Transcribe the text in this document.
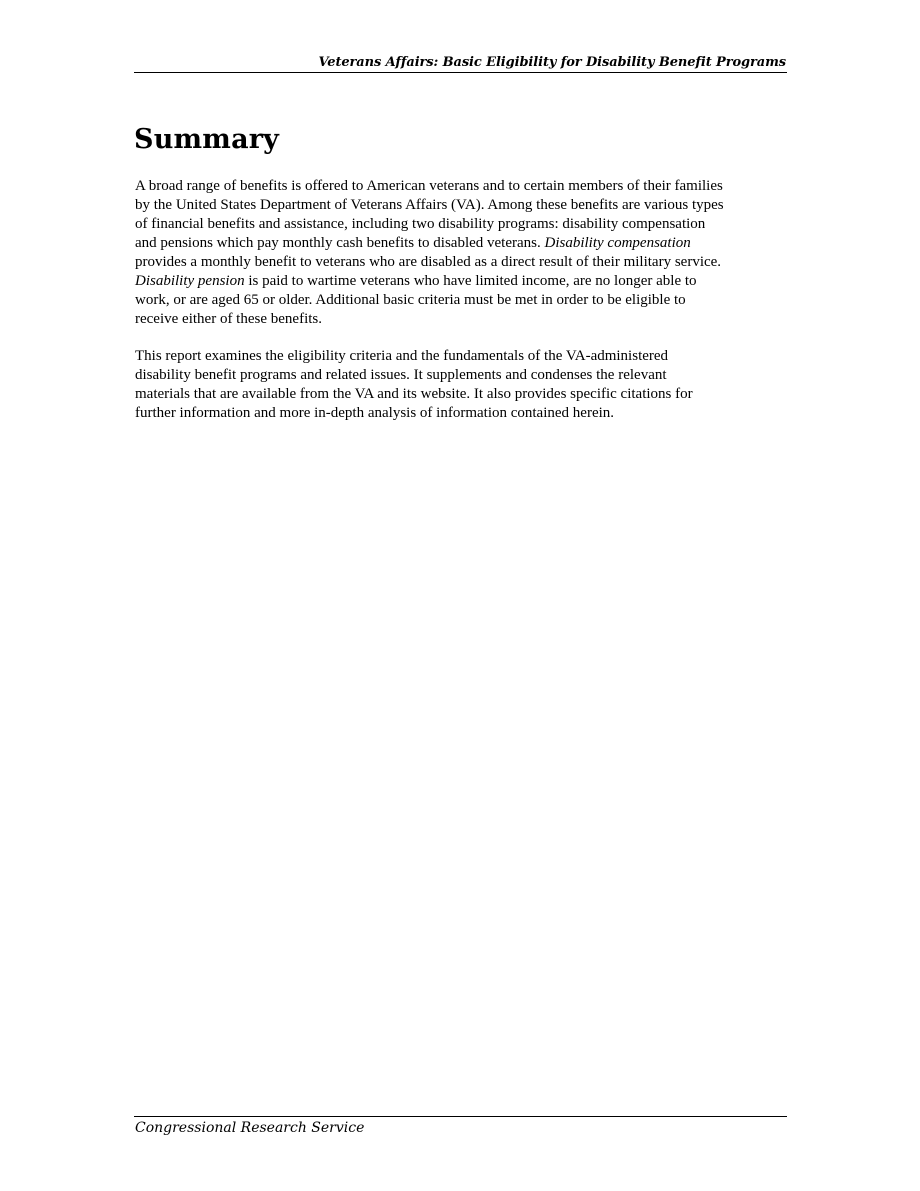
Veterans Affairs: Basic Eligibility for Disability Benefit Programs
Summary

A broad range of benefits is offered to American veterans and to certain members of their families
by the United States Department of Veterans Affairs (VA). Among these benefits are various types
of financial benefits and assistance, including two disability programs: disability compensation
and pensions which pay monthly cash benefits to disabled veterans. Disability compensation
provides a monthly benefit to veterans who are disabled as a direct result of their military service.
Disability pension is paid to wartime veterans who have limited income, are no longer able to
work, or are aged 65 or older. Additional basic criteria must be met in order to be eligible to
receive either of these benefits.

This report examines the eligibility criteria and the fundamentals of the VA-administered
disability benefit programs and related issues. It supplements and condenses the relevant
materials that are available from the VA and its website. It also provides specific citations for
further information and more in-depth analysis of information contained herein.

Congressional Research Service
